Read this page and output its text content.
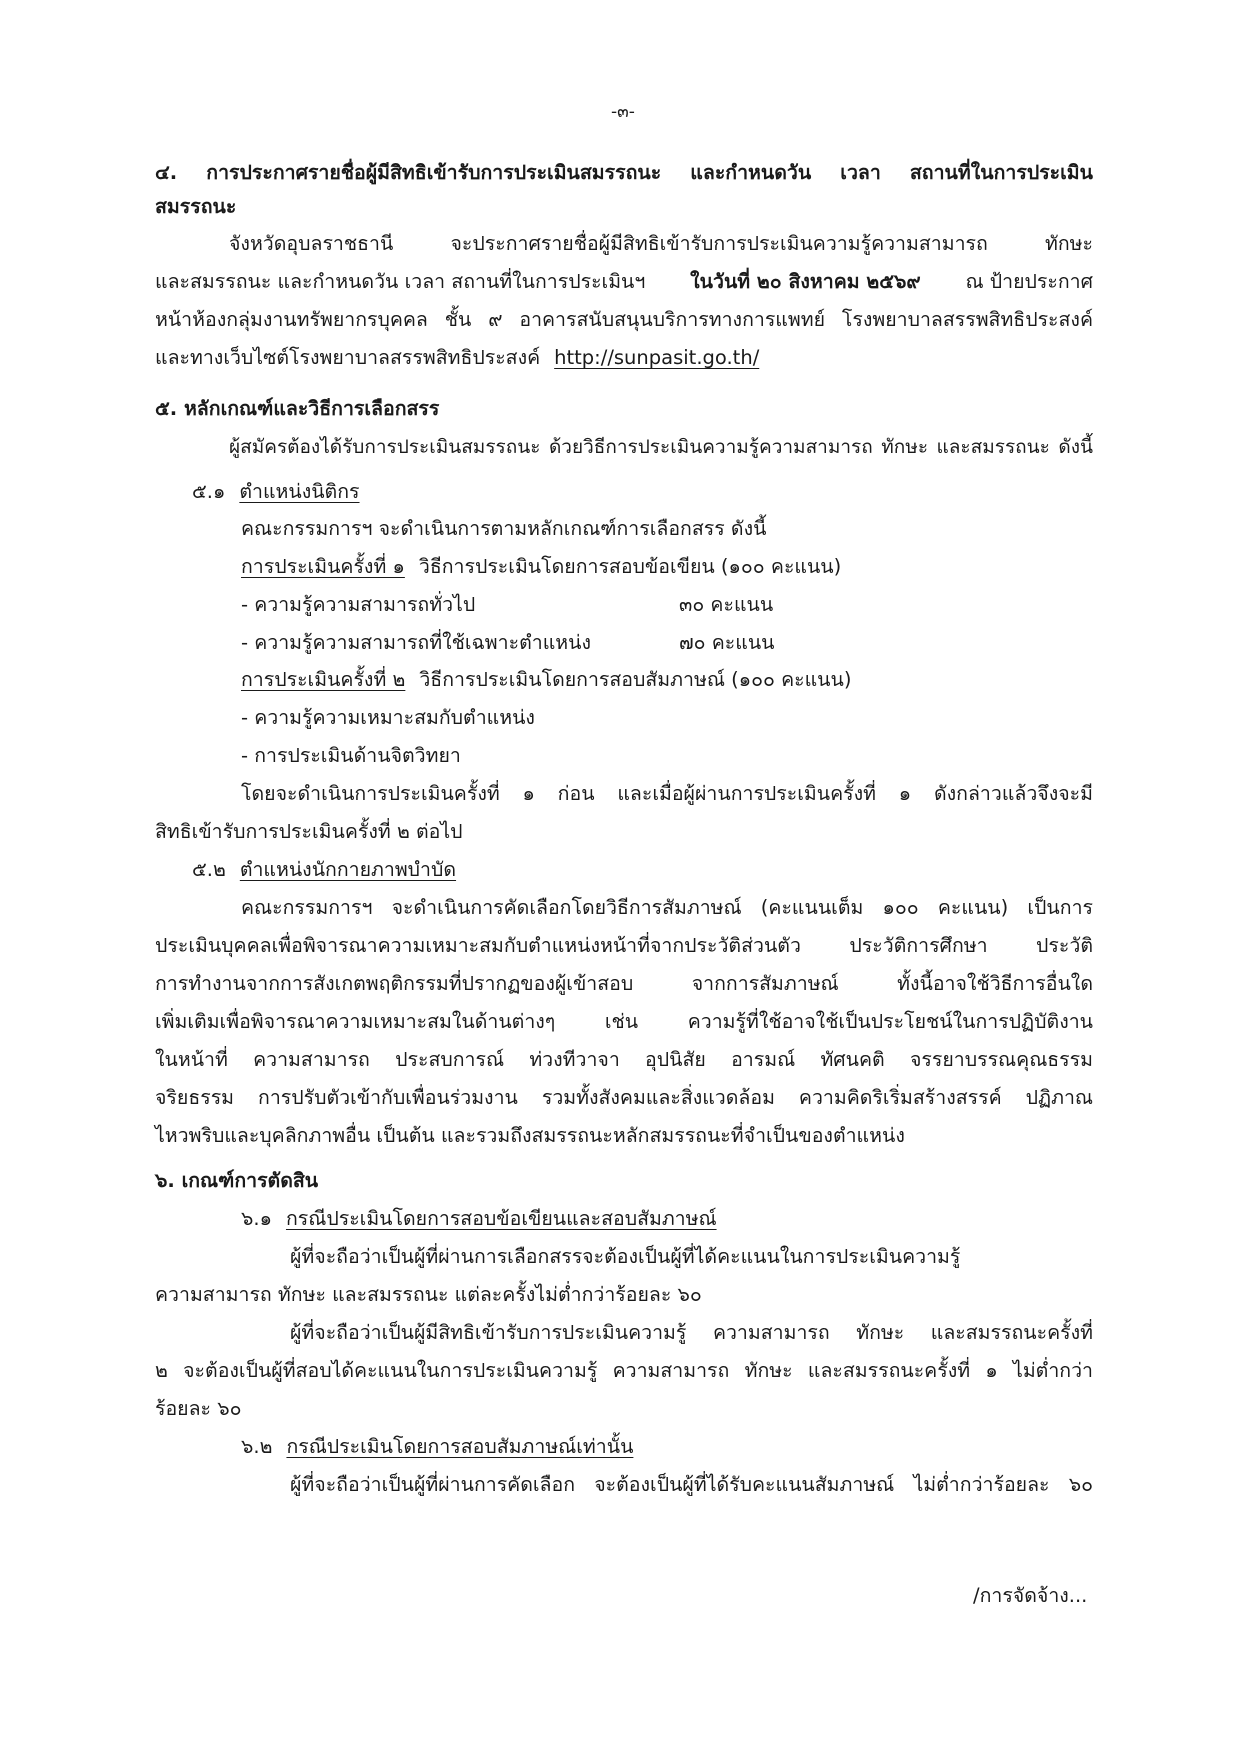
-๓-
๔. การประกาศรายชื่อผู้มีสิทธิเข้ารับการประเมินสมรรถนะ และกำหนดวัน เวลา สถานที่ในการประเมิน
สมรรถนะ
จังหวัดอุบลราชธานี จะประกาศรายชื่อผู้มีสิทธิเข้ารับการประเมินความรู้ความสามารถ ทักษะ
และสมรรถนะ และกำหนดวัน เวลา สถานที่ในการประเมินฯ ในวันที่ ๒๐ สิงหาคม ๒๕๖๙ ณ ป้ายประกาศ
หน้าห้องกลุ่มงานทรัพยากรบุคคล ชั้น ๙ อาคารสนับสนุนบริการทางการแพทย์ โรงพยาบาลสรรพสิทธิประสงค์
และทางเว็บไซต์โรงพยาบาลสรรพสิทธิประสงค์ http://sunpasit.go.th/
๕. หลักเกณฑ์และวิธีการเลือกสรร
ผู้สมัครต้องได้รับการประเมินสมรรถนะ ด้วยวิธีการประเมินความรู้ความสามารถ ทักษะ และสมรรถนะ ดังนี้
๕.๑ ตำแหน่งนิติกร
คณะกรรมการฯ จะดำเนินการตามหลักเกณฑ์การเลือกสรร ดังนี้
การประเมินครั้งที่ ๑ วิธีการประเมินโดยการสอบข้อเขียน (๑๐๐ คะแนน)
- ความรู้ความสามารถทั่วไป	๓๐ คะแนน
- ความรู้ความสามารถที่ใช้เฉพาะตำแหน่ง	๗๐ คะแนน
การประเมินครั้งที่ ๒ วิธีการประเมินโดยการสอบสัมภาษณ์ (๑๐๐ คะแนน)
- ความรู้ความเหมาะสมกับตำแหน่ง
- การประเมินด้านจิตวิทยา
โดยจะดำเนินการประเมินครั้งที่ ๑ ก่อน และเมื่อผู้ผ่านการประเมินครั้งที่ ๑ ดังกล่าวแล้วจึงจะมี
สิทธิเข้ารับการประเมินครั้งที่ ๒ ต่อไป
๕.๒ ตำแหน่งนักกายภาพบำบัด
คณะกรรมการฯ จะดำเนินการคัดเลือกโดยวิธีการสัมภาษณ์ (คะแนนเต็ม ๑๐๐ คะแนน) เป็นการ
ประเมินบุคคลเพื่อพิจารณาความเหมาะสมกับตำแหน่งหน้าที่จากประวัติส่วนตัว ประวัติการศึกษา ประวัติ
การทำงานจากการสังเกตพฤติกรรมที่ปรากฏของผู้เข้าสอบ จากการสัมภาษณ์ ทั้งนี้อาจใช้วิธีการอื่นใด
เพิ่มเติมเพื่อพิจารณาความเหมาะสมในด้านต่างๆ เช่น ความรู้ที่ใช้อาจใช้เป็นประโยชน์ในการปฏิบัติงาน
ในหน้าที่ ความสามารถ ประสบการณ์ ท่วงทีวาจา อุปนิสัย อารมณ์ ทัศนคติ จรรยาบรรณคุณธรรม
จริยธรรม การปรับตัวเข้ากับเพื่อนร่วมงาน รวมทั้งสังคมและสิ่งแวดล้อม ความคิดริเริ่มสร้างสรรค์ ปฏิภาณ
ไหวพริบและบุคลิกภาพอื่น เป็นต้น และรวมถึงสมรรถนะหลักสมรรถนะที่จำเป็นของตำแหน่ง
๖. เกณฑ์การตัดสิน
๖.๑ กรณีประเมินโดยการสอบข้อเขียนและสอบสัมภาษณ์
ผู้ที่จะถือว่าเป็นผู้ที่ผ่านการเลือกสรรจะต้องเป็นผู้ที่ได้คะแนนในการประเมินความรู้
ความสามารถ ทักษะ และสมรรถนะ แต่ละครั้งไม่ต่ำกว่าร้อยละ ๖๐
ผู้ที่จะถือว่าเป็นผู้มีสิทธิเข้ารับการประเมินความรู้ ความสามารถ ทักษะ และสมรรถนะครั้งที่
๒ จะต้องเป็นผู้ที่สอบได้คะแนนในการประเมินความรู้ ความสามารถ ทักษะ และสมรรถนะครั้งที่ ๑ ไม่ต่ำกว่า
ร้อยละ ๖๐
๖.๒ กรณีประเมินโดยการสอบสัมภาษณ์เท่านั้น
ผู้ที่จะถือว่าเป็นผู้ที่ผ่านการคัดเลือก จะต้องเป็นผู้ที่ได้รับคะแนนสัมภาษณ์ ไม่ต่ำกว่าร้อยละ ๖๐
/การจัดจ้าง...
